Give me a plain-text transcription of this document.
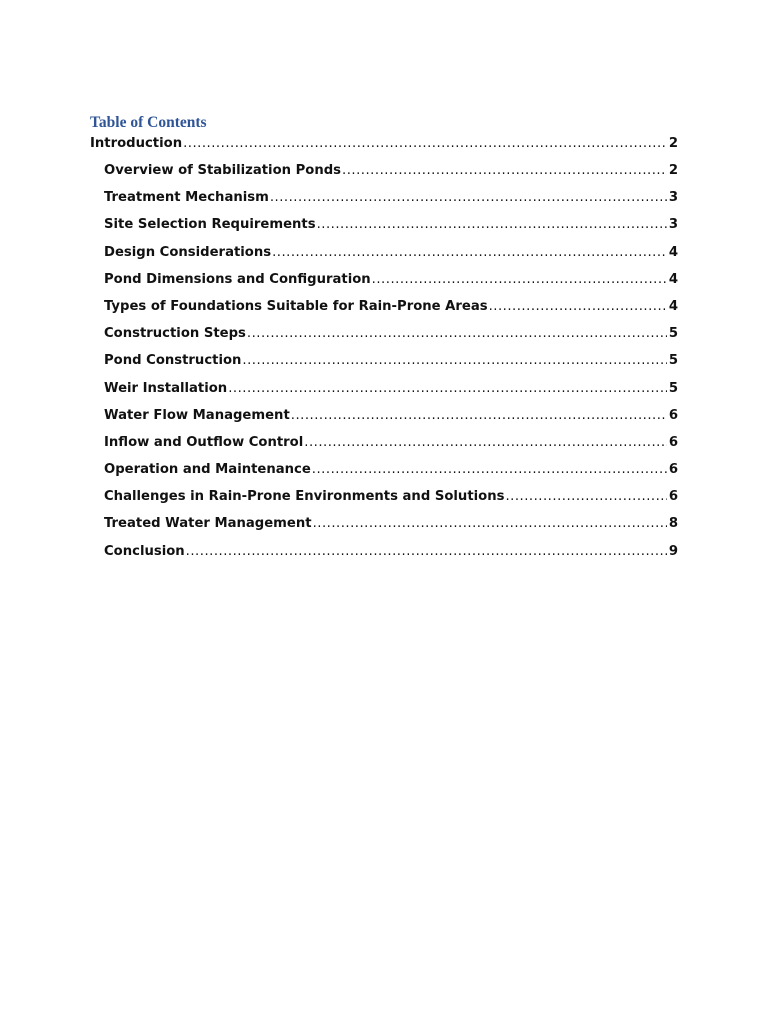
Table of Contents
Introduction .....	2
Overview of Stabilization Ponds .....	2
Treatment Mechanism .....	3
Site Selection Requirements .....	3
Design Considerations .....	4
Pond Dimensions and Configuration .....	4
Types of Foundations Suitable for Rain-Prone Areas .....	4
Construction Steps .....	5
Pond Construction .....	5
Weir Installation .....	5
Water Flow Management .....	6
Inflow and Outflow Control .....	6
Operation and Maintenance .....	6
Challenges in Rain-Prone Environments and Solutions .....	6
Treated Water Management .....	8
Conclusion .....	9
